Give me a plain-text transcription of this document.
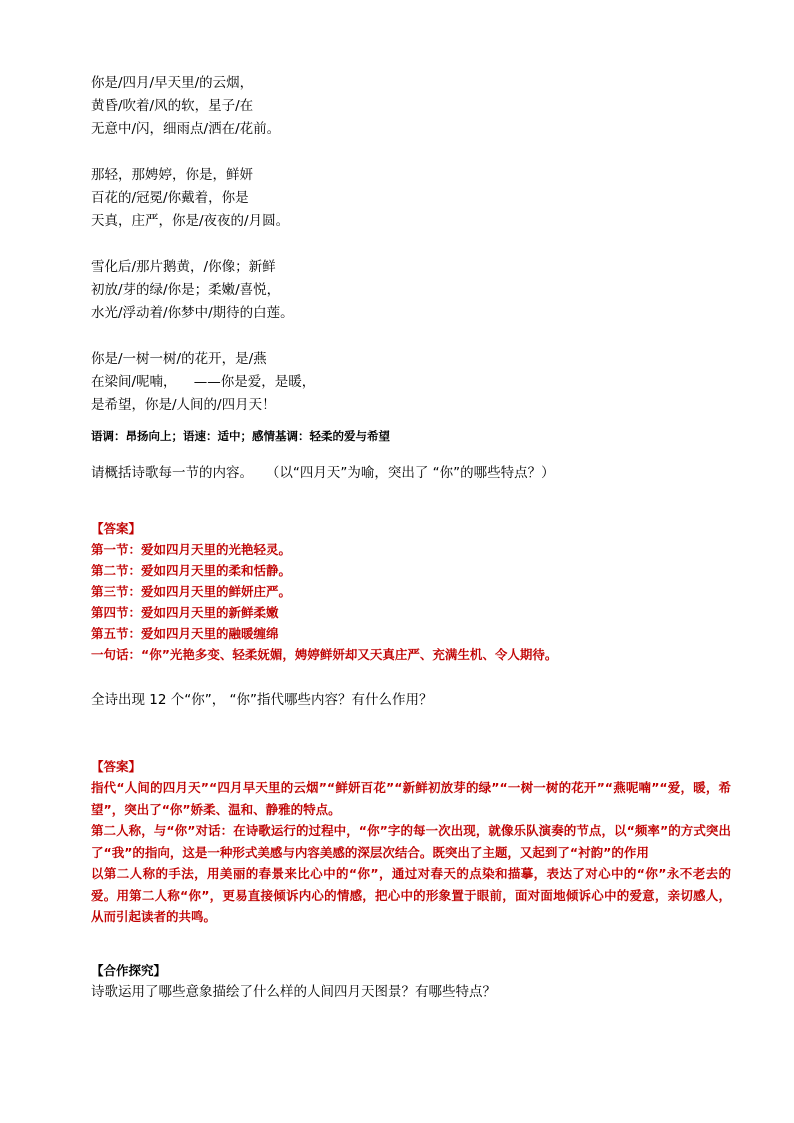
你是/四月/早天里/的云烟，
黄昏/吹着/风的软，星子/在
无意中/闪，细雨点/洒在/花前。
那轻，那娉婷，你是，鲜妍
百花的/冠冕/你戴着，你是
天真，庄严，你是/夜夜的/月圆。
雪化后/那片鹅黄，/你像；新鲜
初放/芽的绿/你是；柔嫩/喜悦，
水光/浮动着/你梦中/期待的白莲。
你是/一树一树/的花开，是/燕
在梁间/呢喃，    ——你是爱，是暖，
是希望，你是/人间的/四月天！
语调：昂扬向上；语速：适中；感情基调：轻柔的爱与希望
请概括诗歌每一节的内容。   （以“四月天”为喻，突出了 “你”的哪些特点？）
【答案】
第一节：爱如四月天里的光艳轻灵。
第二节：爱如四月天里的柔和恬静。
第三节：爱如四月天里的鲜妍庄严。
第四节：爱如四月天里的新鲜柔嫩
第五节：爱如四月天里的融暖缠绵
一句话：“你”光艳多变、轻柔妩媚，娉婷鲜妍却又天真庄严、充满生机、令人期待。
全诗出现 12 个“你”， “你”指代哪些内容？有什么作用？
【答案】
指代“人间的四月天”“四月早天里的云烟”“鲜妍百花”“新鲜初放芽的绿”“一树一树的花开”“燕呢喃”“爱，暖，希望”，突出了“你”娇柔、温和、静雅的特点。
第二人称，与“你”对话：在诗歌运行的过程中，“你”字的每一次出现，就像乐队演奏的节点，以“频率”的方式突出了“我”的指向，这是一种形式美感与内容美感的深层次结合。既突出了主题，又起到了“衬韵”的作用
以第二人称的手法，用美丽的春景来比心中的“你”，通过对春天的点染和描摹，表达了对心中的“你”永不老去的爱。用第二人称“你”，更易直接倾诉内心的情感，把心中的形象置于眼前，面对面地倾诉心中的爱意，亲切感人，从而引起读者的共鸣。
【合作探究】
诗歌运用了哪些意象描绘了什么样的人间四月天图景？有哪些特点？
